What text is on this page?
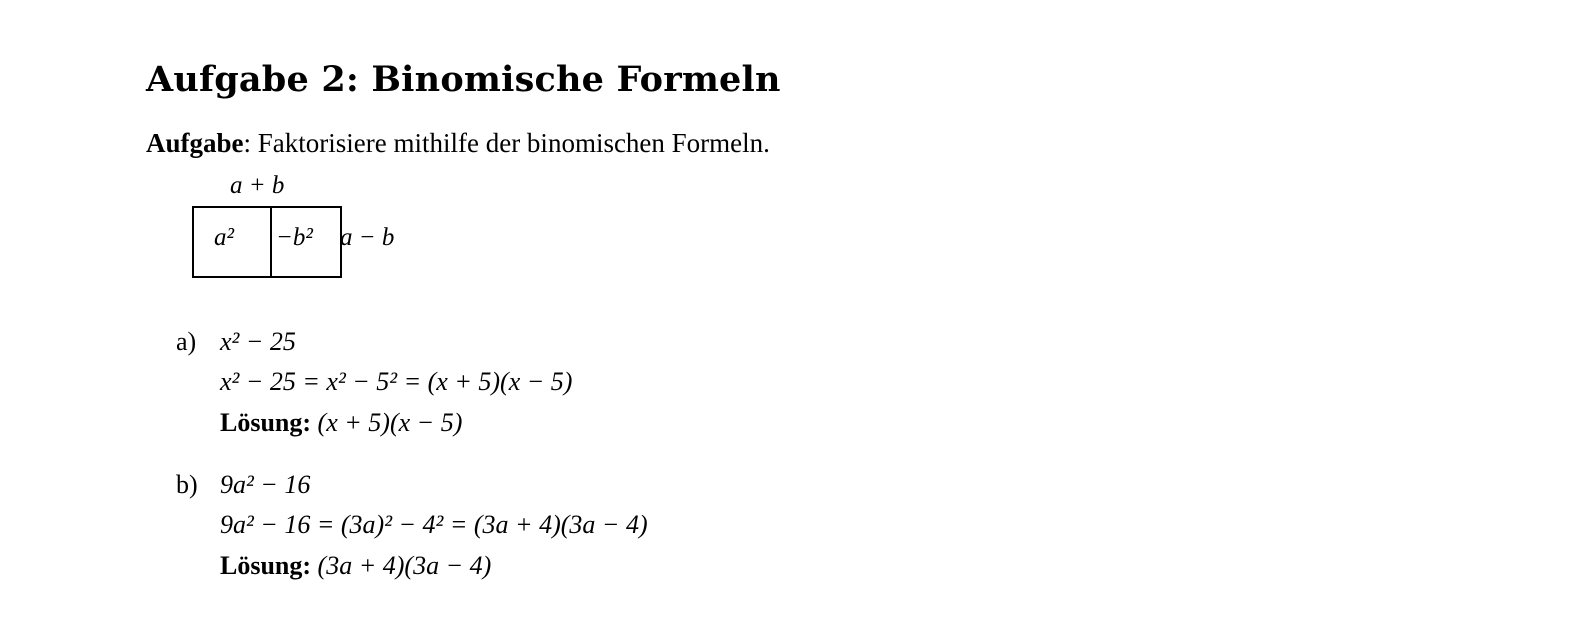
Aufgabe 2: Binomische Formeln
Aufgabe: Faktorisiere mithilfe der binomischen Formeln.
a + b
a² −b² a − b
a) x² − 25
x² − 25 = x² − 5² = (x + 5)(x − 5)
Lösung: (x + 5)(x − 5)
b) 9a² − 16
9a² − 16 = (3a)² − 4² = (3a + 4)(3a − 4)
Lösung: (3a + 4)(3a − 4)
